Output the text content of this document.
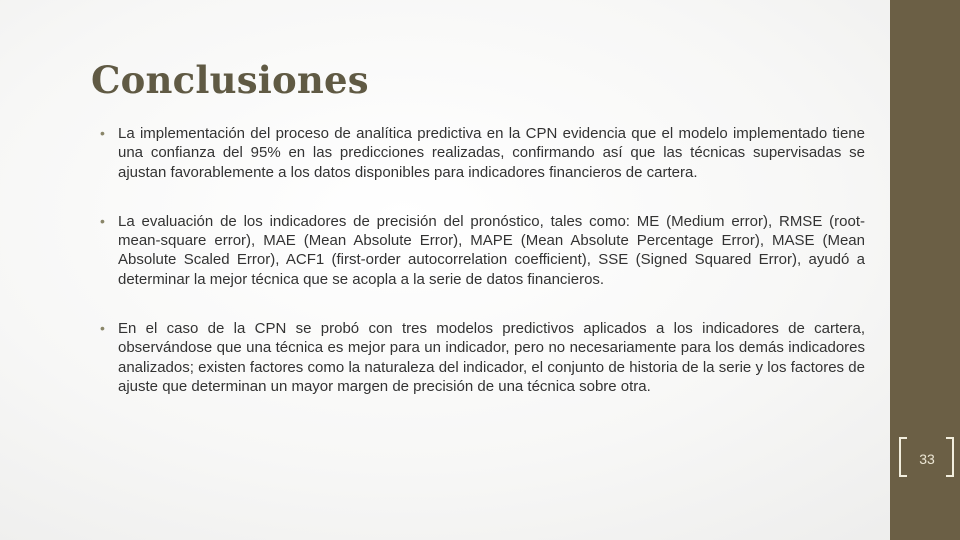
Conclusiones
• La implementación del proceso de analítica predictiva en la CPN evidencia que el modelo implementado tiene una confianza del 95% en las predicciones realizadas, confirmando así que las técnicas supervisadas se ajustan favorablemente a los datos disponibles para indicadores financieros de cartera.
• La evaluación de los indicadores de precisión del pronóstico, tales como: ME (Medium error), RMSE (root-mean-square error), MAE (Mean Absolute Error), MAPE (Mean Absolute Percentage Error), MASE (Mean Absolute Scaled Error), ACF1 (first-order autocorrelation coefficient), SSE (Signed Squared Error), ayudó a determinar la mejor técnica que se acopla a la serie de datos financieros.
• En el caso de la CPN se probó con tres modelos predictivos aplicados a los indicadores de cartera, observándose que una técnica es mejor para un indicador, pero no necesariamente para los demás indicadores analizados; existen factores como la naturaleza del indicador, el conjunto de historia de la serie y los factores de ajuste que determinan un mayor margen de precisión de una técnica sobre otra.
33
